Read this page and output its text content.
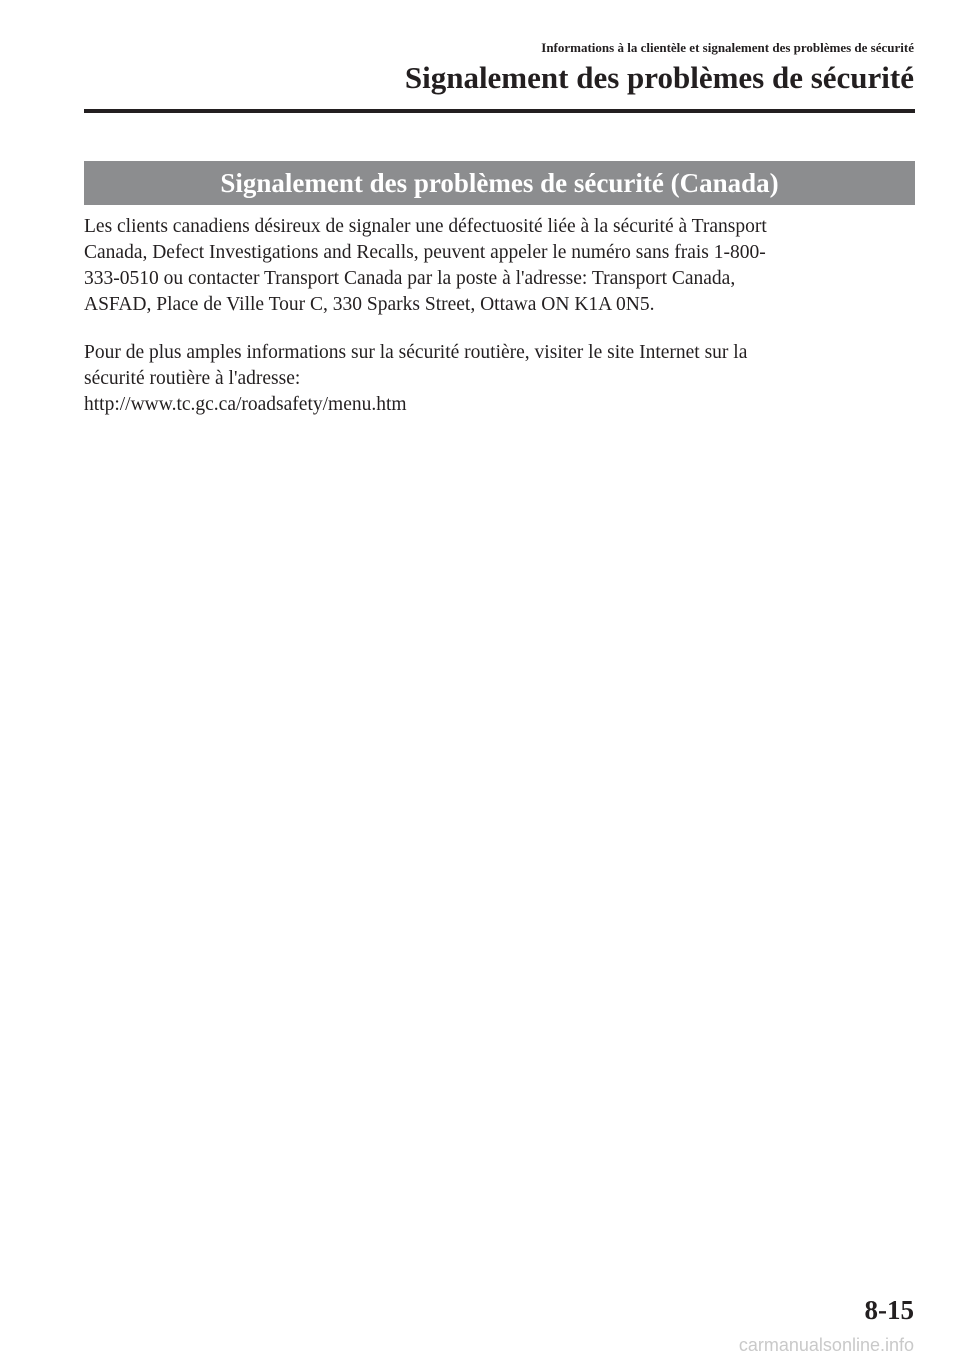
Informations à la clientèle et signalement des problèmes de sécurité
Signalement des problèmes de sécurité
Signalement des problèmes de sécurité (Canada)

Les clients canadiens désireux de signaler une défectuosité liée à la sécurité à Transport
Canada, Defect Investigations and Recalls, peuvent appeler le numéro sans frais 1-800-
333-0510 ou contacter Transport Canada par la poste à l'adresse: Transport Canada,
ASFAD, Place de Ville Tour C, 330 Sparks Street, Ottawa ON K1A 0N5.

Pour de plus amples informations sur la sécurité routière, visiter le site Internet sur la
sécurité routière à l'adresse:
http://www.tc.gc.ca/roadsafety/menu.htm

8-15
carmanualsonline.info
